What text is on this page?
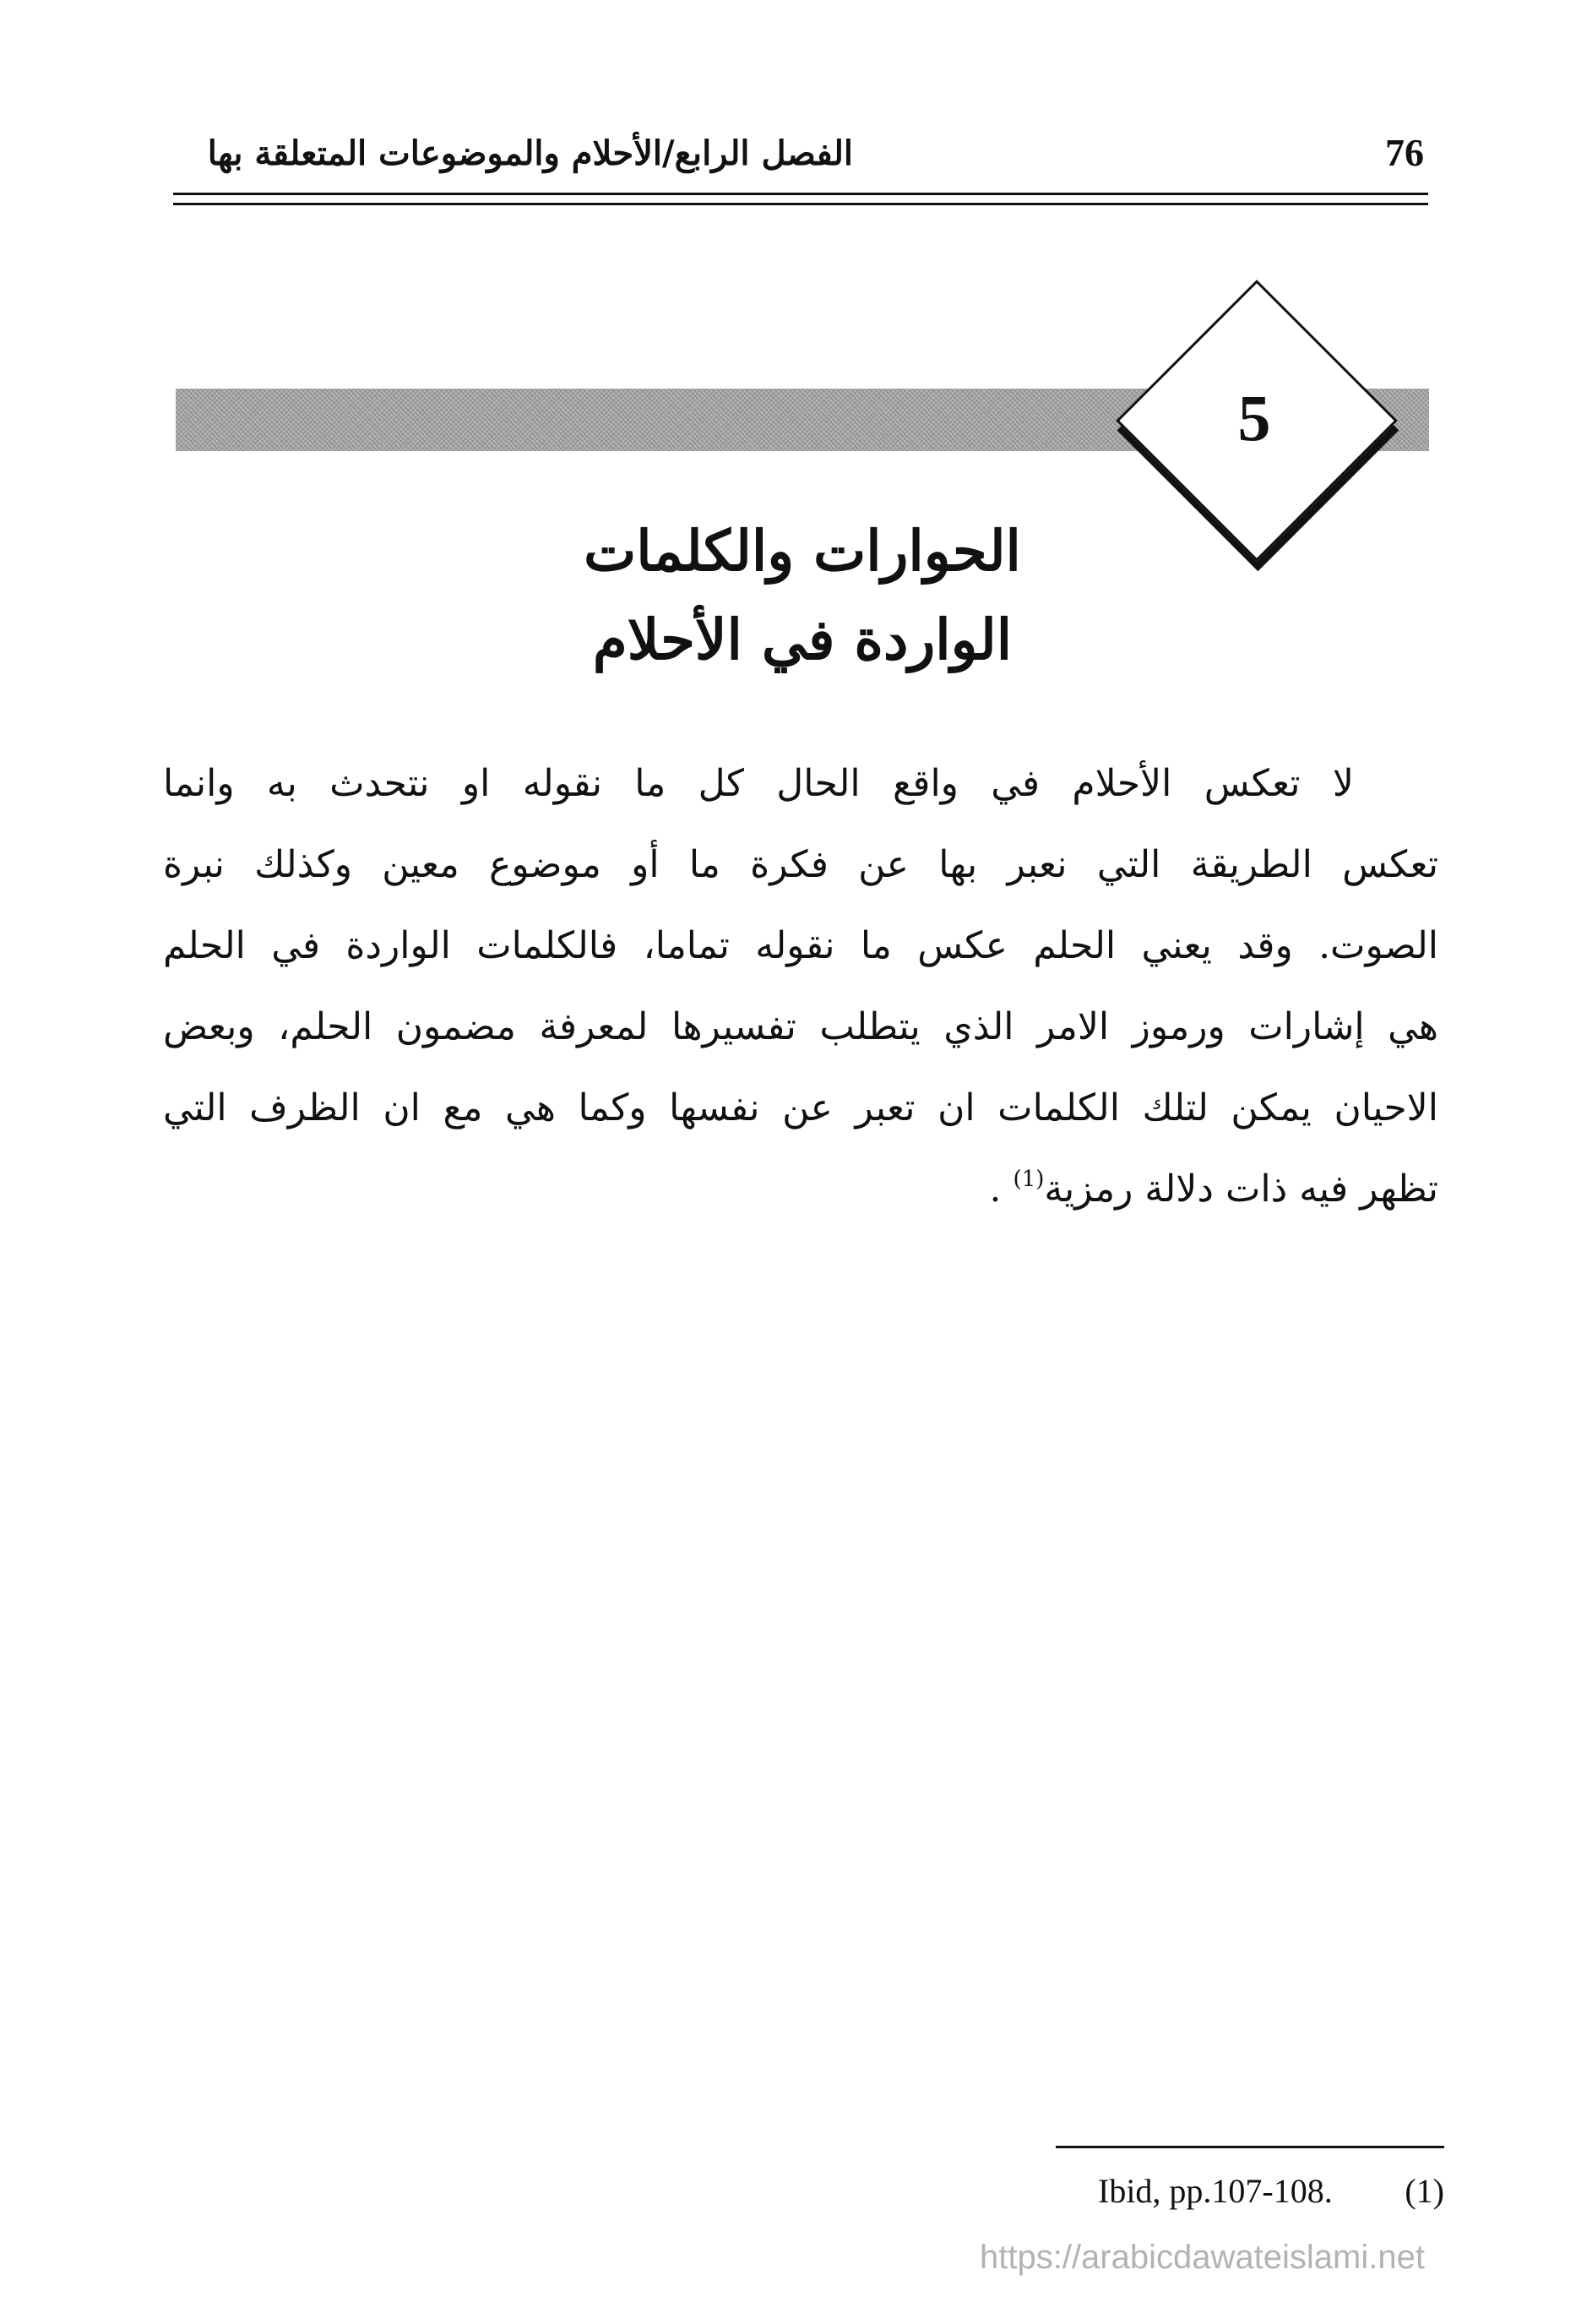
76
الفصل الرابع/الأحلام والموضوعات المتعلقة بها
5
الحوارات والكلمات
الواردة في الأحلام
لا تعكس الأحلام في واقع الحال كل ما نقوله او نتحدث به وانما
تعكس الطريقة التي نعبر بها عن فكرة ما أو موضوع معين وكذلك نبرة
الصوت. وقد يعني الحلم عكس ما نقوله تماما، فالكلمات الواردة في الحلم
هي إشارات ورموز الامر الذي يتطلب تفسيرها لمعرفة مضمون الحلم، وبعض
الاحيان يمكن لتلك الكلمات ان تعبر عن نفسها وكما هي مع ان الظرف التي
تظهر فيه ذات دلالة رمزية$^{(1)}$ .
Ibid, pp.107-108. (1)
https://arabicdawateislami.net
